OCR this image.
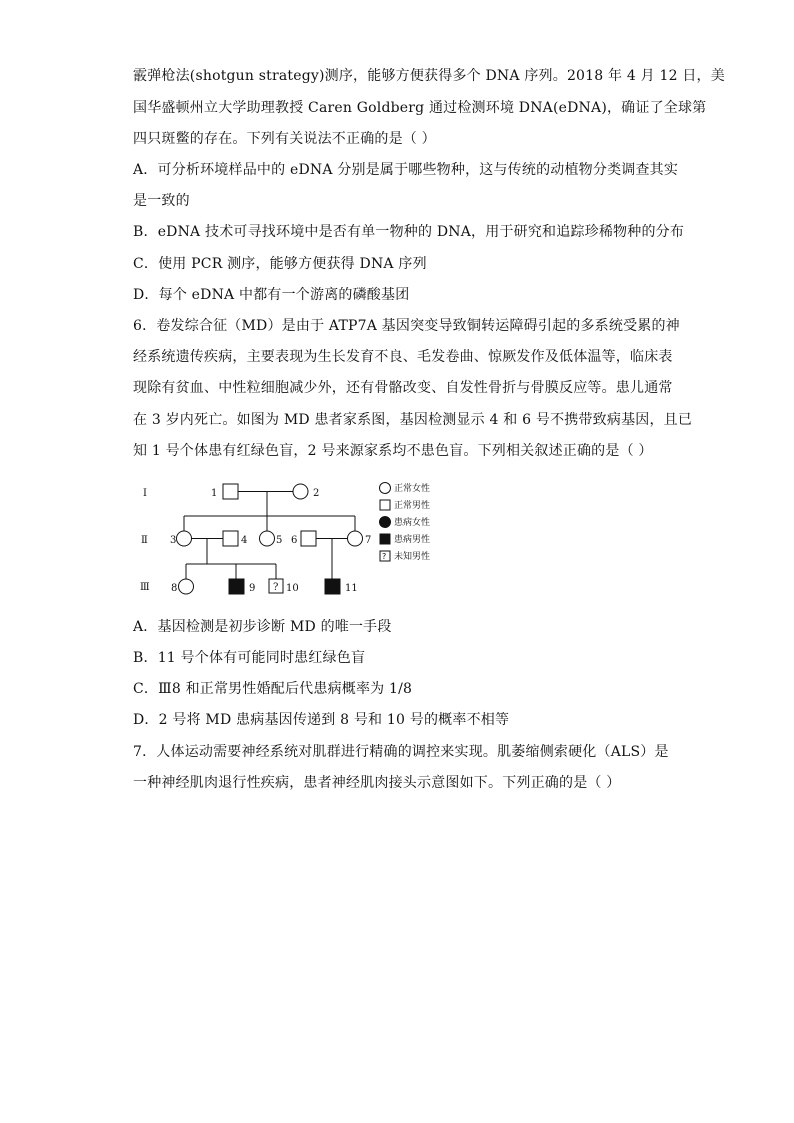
霰弹枪法(shotgun strategy)测序，能够方便获得多个 DNA 序列。2018 年 4 月 12 日，美
国华盛顿州立大学助理教授 Caren Goldberg 通过检测环境 DNA(eDNA)，确证了全球第
四只斑鳖的存在。下列有关说法不正确的是（ ）
A．可分析环境样品中的 eDNA 分别是属于哪些物种，这与传统的动植物分类调查其实
是一致的
B．eDNA 技术可寻找环境中是否有单一物种的 DNA，用于研究和追踪珍稀物种的分布
C．使用 PCR 测序，能够方便获得 DNA 序列
D．每个 eDNA 中都有一个游离的磷酸基团
6．卷发综合征（MD）是由于 ATP7A 基因突变导致铜转运障碍引起的多系统受累的神
经系统遗传疾病，主要表现为生长发育不良、毛发卷曲、惊厥发作及低体温等，临床表
现除有贫血、中性粒细胞减少外，还有骨骼改变、自发性骨折与骨膜反应等。患儿通常
在 3 岁内死亡。如图为 MD 患者家系图，基因检测显示 4 和 6 号不携带致病基因，且已
知 1 号个体患有红绿色盲，2 号来源家系均不患色盲。下列相关叙述正确的是（ ）
Ⅰ
Ⅱ
Ⅲ
1	2
3	4	5 6	7
8	9 ? 10	11
正常女性
正常男性
患病女性
患病男性
? 未知男性
A．基因检测是初步诊断 MD 的唯一手段
B．11 号个体有可能同时患红绿色盲
C．Ⅲ8 和正常男性婚配后代患病概率为 1/8
D．2 号将 MD 患病基因传递到 8 号和 10 号的概率不相等
7．人体运动需要神经系统对肌群进行精确的调控来实现。肌萎缩侧索硬化（ALS）是
一种神经肌肉退行性疾病，患者神经肌肉接头示意图如下。下列正确的是（ ）
